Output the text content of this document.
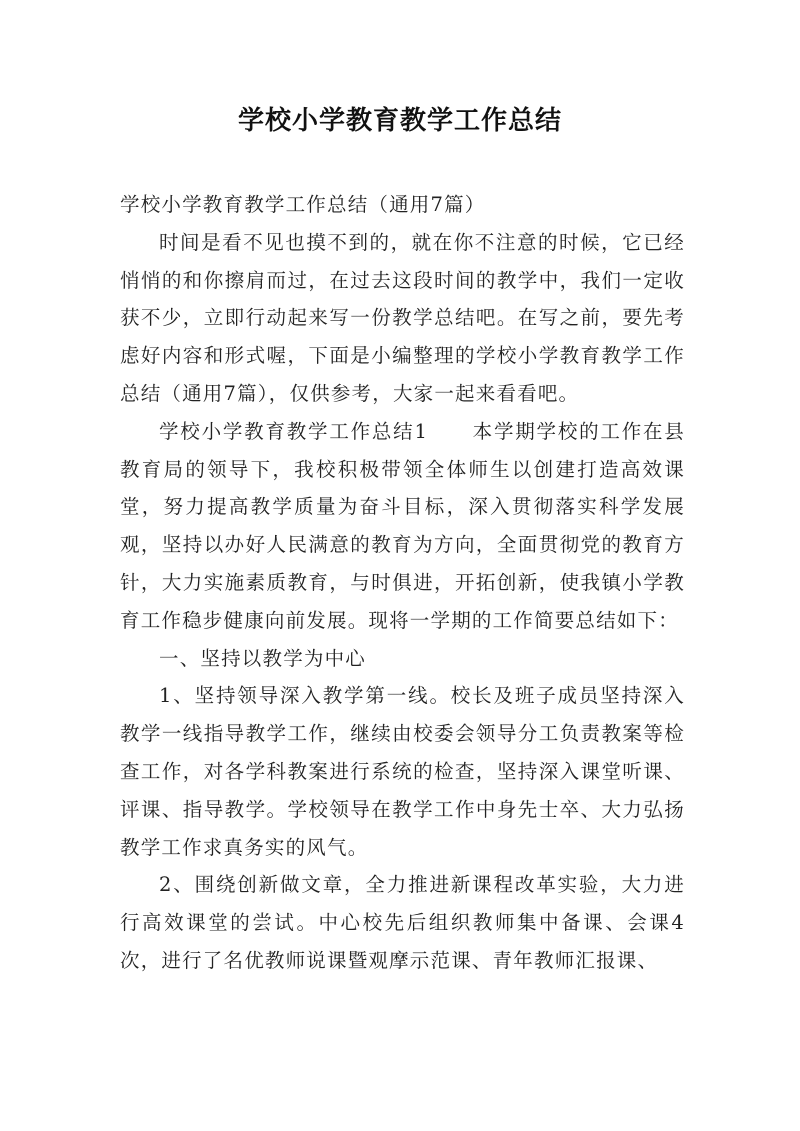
学校小学教育教学工作总结

学校小学教育教学工作总结（通用7篇）

时间是看不见也摸不到的，就在你不注意的时候，它已经悄悄的和你擦肩而过，在过去这段时间的教学中，我们一定收获不少，立即行动起来写一份教学总结吧。在写之前，要先考虑好内容和形式喔，下面是小编整理的学校小学教育教学工作总结（通用7篇），仅供参考，大家一起来看看吧。

学校小学教育教学工作总结1 本学期学校的工作在县教育局的领导下，我校积极带领全体师生以创建打造高效课堂，努力提高教学质量为奋斗目标，深入贯彻落实科学发展观，坚持以办好人民满意的教育为方向，全面贯彻党的教育方针，大力实施素质教育，与时俱进，开拓创新，使我镇小学教育工作稳步健康向前发展。现将一学期的工作简要总结如下：

一、坚持以教学为中心

1、坚持领导深入教学第一线。校长及班子成员坚持深入教学一线指导教学工作，继续由校委会领导分工负责教案等检查工作，对各学科教案进行系统的检查，坚持深入课堂听课、评课、指导教学。学校领导在教学工作中身先士卒、大力弘扬教学工作求真务实的风气。

2、围绕创新做文章，全力推进新课程改革实验，大力进行高效课堂的尝试。中心校先后组织教师集中备课、会课4次，进行了名优教师说课暨观摩示范课、青年教师汇报课、
